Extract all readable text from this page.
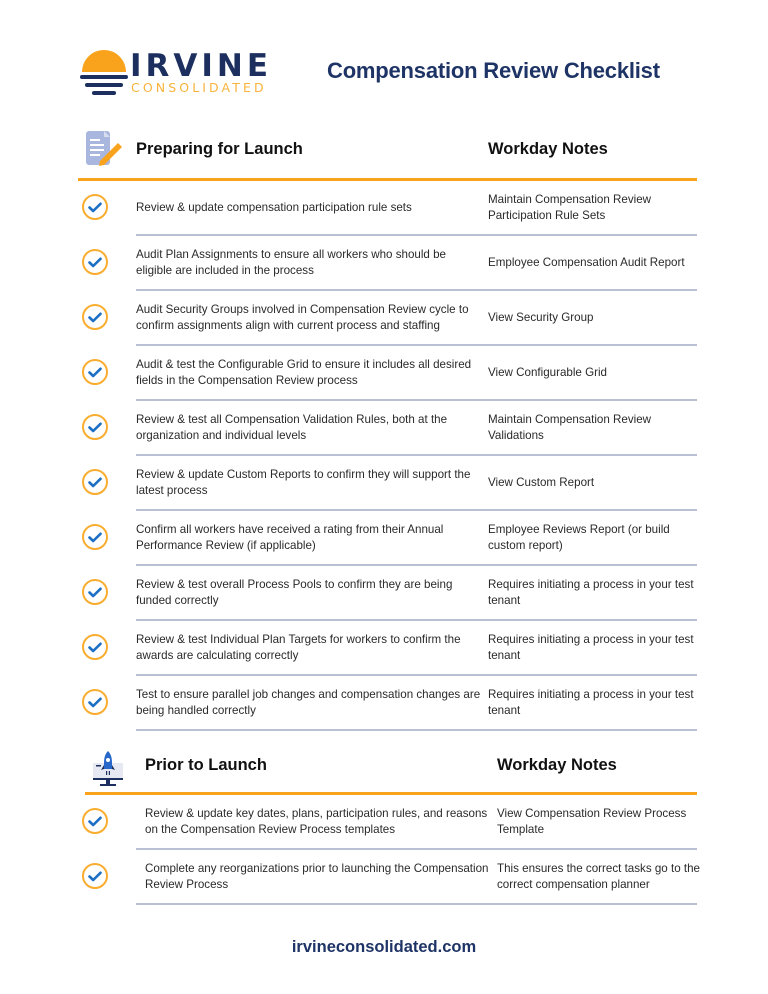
IRVINE
CONSOLIDATED
Compensation Review Checklist
Preparing for Launch	Workday Notes
Review & update compensation participation rule sets
Maintain Compensation Review Participation Rule Sets
Audit Plan Assignments to ensure all workers who should be eligible are included in the process
Employee Compensation Audit Report
Audit Security Groups involved in Compensation Review cycle to confirm assignments align with current process and staffing
View Security Group
Audit & test the Configurable Grid to ensure it includes all desired fields in the Compensation Review process
View Configurable Grid
Review & test all Compensation Validation Rules, both at the organization and individual levels
Maintain Compensation Review Validations
Review & update Custom Reports to confirm they will support the latest process
View Custom Report
Confirm all workers have received a rating from their Annual Performance Review (if applicable)
Employee Reviews Report (or build custom report)
Review & test overall Process Pools to confirm they are being funded correctly
Requires initiating a process in your test tenant
Review & test Individual Plan Targets for workers to confirm the awards are calculating correctly
Requires initiating a process in your test tenant
Test to ensure parallel job changes and compensation changes are being handled correctly
Requires initiating a process in your test tenant
Prior to Launch	Workday Notes
Review & update key dates, plans, participation rules, and reasons on the Compensation Review Process templates
View Compensation Review Process Template
Complete any reorganizations prior to launching the Compensation Review Process
This ensures the correct tasks go to the correct compensation planner
irvineconsolidated.com
